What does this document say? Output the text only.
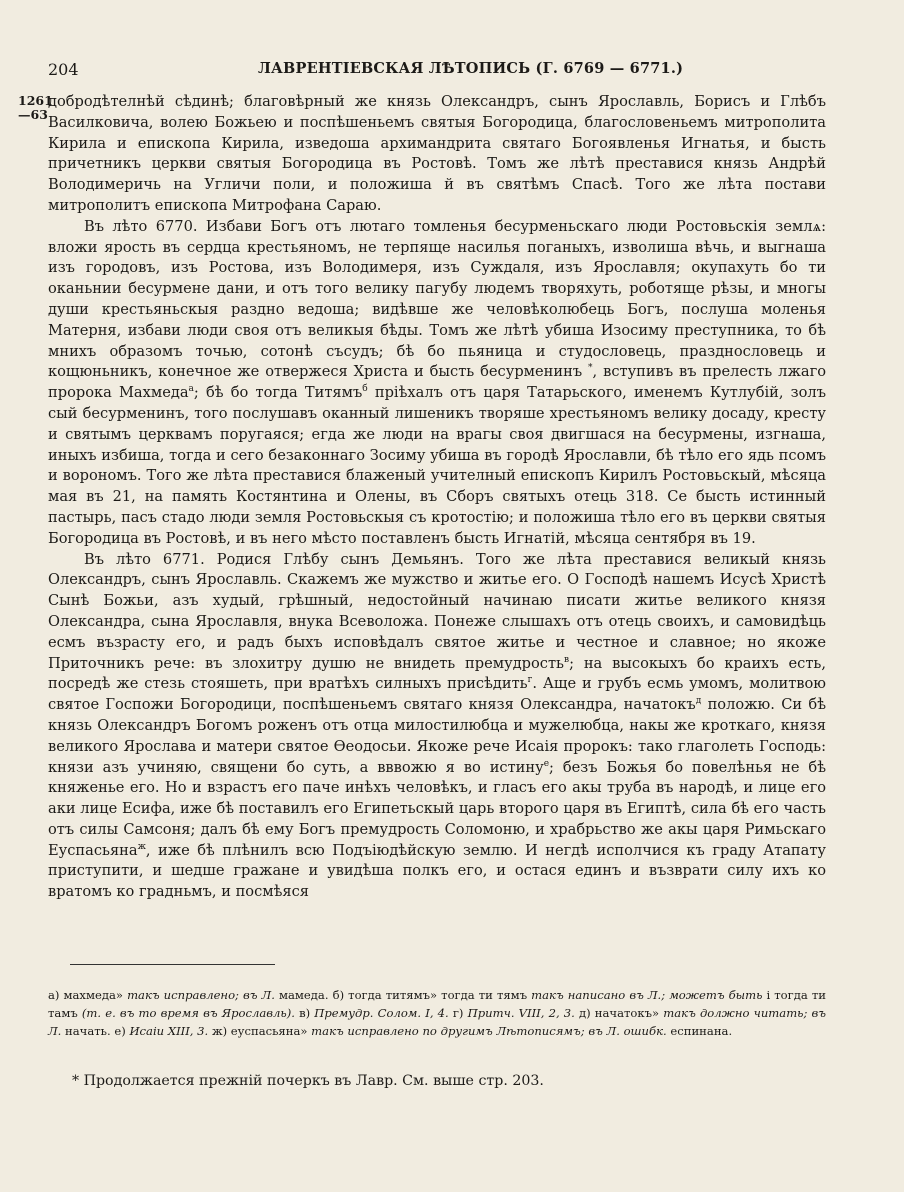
204	ЛАВРЕНТІЕВСКАЯ ЛѢТОПИСЬ (Г. 6769 — 6771.)
1261
—63

добродѣтелнѣй сѣдинѣ; благовѣрный же князь Олександръ, сынъ Ярославль, Борисъ и Глѣбъ Василковича, волею Божьею и поспѣшеньемъ святыя Богородица, благословеньемъ митрополита Кирила и епископа Кирила, изведоша архимандрита святаго Богоявленья Игнатья, и бысть причетникъ церкви святыя Богородица въ Ростовѣ. Томъ же лѣтѣ преставися князь Андрѣй Володимеричь на Угличи поли, и положиша й въ святѣмъ Спасѣ. Того же лѣта постави митрополитъ епископа Митрофана Сараю.

Въ лѣто 6770. Избави Богъ отъ лютаго томленья бесурменьскаго люди Ростовьскія землѧ: вложи ярость въ сердца крестьяномъ, не терпяще насилья поганыхъ, изволиша вѣчь, и выгнаша изъ городовъ, изъ Ростова, изъ Володимеря, изъ Суждаля, изъ Ярославля; окупахуть бо ти оканьнии бесурмене дани, и отъ того велику пагубу людемъ творяхуть, роботяще рѣзы, и многы души крестьяньскыя раздно ведоша; видѣвше же человѣколюбець Богъ, послуша моленья Матерня, избави люди своя отъ великыя бѣды. Томъ же лѣтѣ убиша Изосиму преступника, то бѣ мнихъ образомъ точью, сотонѣ съсудъ; бѣ бо пьяница и студословець, празднословець и кощюньникъ, конечное же отвержеся Христа и бысть бесурменинъ *, вступивъ въ прелесть лжаго пророка Махмеда$^а$; бѣ бо тогда Титямъ$^б$ прiѣхалъ отъ царя Татарьского, именемъ Кутлубій, золъ сый бесурменинъ, того послушавъ оканный лишеникъ творяше хрестьяномъ велику досаду, кресту и святымъ церквамъ поругаяся; егда же люди на врагы своя двигшася на бесурмены, изгнаша, иныхъ избиша, тогда и сего безаконнаго Зосиму убиша въ городѣ Ярославли, бѣ тѣло его ядь псомъ и ворономъ. Того же лѣта преставися блаженый учителный епископъ Кирилъ Ростовьскый, мѣсяца мая въ 21, на память Костянтина и Олены, въ Сборъ святыхъ отець 318. Се бысть истинный пастырь, пасъ стадо люди земля Ростовьскыя съ кротостію; и положиша тѣло его въ церкви святыя Богородица въ Ростовѣ, и въ него мѣсто поставленъ бысть Игнатій, мѣсяца сентября въ 19.

Въ лѣто 6771. Родися Глѣбу сынъ Демьянъ. Того же лѣта преставися великый князь Олександръ, сынъ Ярославль. Скажемъ же мужство и житье его. О Господѣ нашемъ Исусѣ Христѣ Сынѣ Божьи, азъ худый, грѣшный, недостойный начинаю писати житье великого князя Олександра, сына Ярославля, внука Всеволожа. Понеже слышахъ отъ отець своихъ, и самовидѣць есмъ възрасту его, и радъ быхъ исповѣдалъ святое житье и честное и славное; но якоже Приточникъ рече: въ злохитру душю не внидеть премудрость$^в$; на высокыхъ бо краихъ есть, посредѣ же стезь стояшеть, при вратѣхъ силныхъ присѣдить$^г$. Аще и грубъ есмь умомъ, молитвою святое Госпожи Богородици, поспѣшеньемъ святаго князя Олександра, начатокъ$^д$ положю. Си бѣ князь Олександръ Богомъ роженъ отъ отца милостилюбца и мужелюбца, накы же кроткаго, князя великого Ярослава и матери святое Ѳеодосьи. Якоже рече Исаія пророкъ: тако глаголеть Господь: князи азъ учиняю, священи бо суть, а вввожю я во истину$^е$; безъ Божья бо повелѣнья не бѣ княженье его. Но и взрастъ его паче инѣхъ человѣкъ, и гласъ его акы труба въ народѣ, и лице его аки лице Есифа, иже бѣ поставилъ его Египетьскый царь второго царя въ Египтѣ, сила бѣ его часть отъ силы Самсоня; далъ бѣ ему Богъ премудрость Соломоню, и храбрьство же акы царя Римьскаго Еуспасьяна$^ж$, иже бѣ плѣнилъ всю Подъіюдѣйскую землю. И негдѣ исполчися къ граду Атапату приступити, и шедше гражане и увидѣша полкъ его, и остася единъ и възврати силу ихъ ко вратомъ ко градньмъ, и посмѣяся

а) махмеда» такъ исправлено; въ Л. мамеда. б) тогда титямъ» тогда ти тямъ такъ написано въ Л.; можетъ быть і тогда ти тамъ (т. е. въ то время въ Ярославль). в) Премудр. Солом. І, 4. г) Притч. VIII, 2, 3. д) начатокъ» такъ должно читать; въ Л. начать. е) Исаіи XIII, 3. ж) еуспасьяна» такъ исправлено по другимъ Лѣтописямъ; въ Л. ошибк. еспинана.

* Продолжается прежній почеркъ въ Лавр. См. выше стр. 203.
